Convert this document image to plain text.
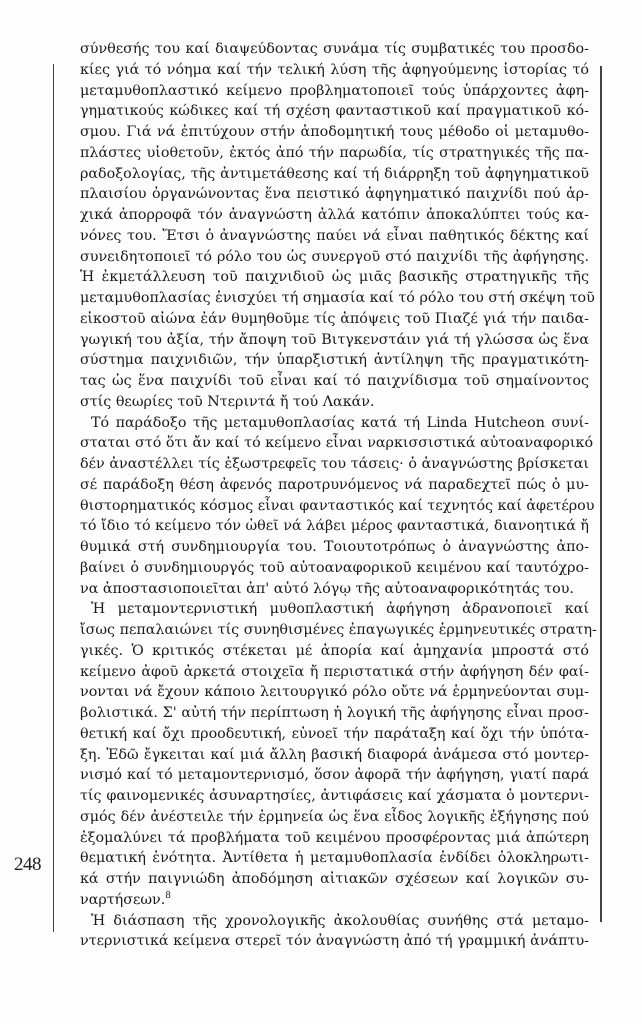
248
σύνθεσής του καί διαψεύδοντας συνάμα τίς συμβατικές του προσδο-
κίες γιά τό νόημα καί τήν τελική λύση τῆς ἀφηγούμενης ἱστορίας τό
μεταμυθοπλαστικό κείμενο προβληματοποιεῖ τούς ὑπάρχοντες ἀφη-
γηματικούς κώδικες καί τή σχέση φανταστικοῦ καί πραγματικοῦ κό-
σμου. Γιά νά ἐπιτύχουν στήν ἀποδομητική τους μέθοδο οἱ μεταμυθο-
πλάστες υἱοθετοῦν, ἐκτός ἀπό τήν παρωδία, τίς στρατηγικές τῆς πα-
ραδοξολογίας, τῆς ἀντιμετάθεσης καί τή διάρρηξη τοῦ ἀφηγηματικοῦ
πλαισίου ὀργανώνοντας ἕνα πειστικό ἀφηγηματικό παιχνίδι πού ἀρ-
χικά ἀπορροφᾶ τόν ἀναγνώστη ἀλλά κατόπιν ἀποκαλύπτει τούς κα-
νόνες του. Ἔτσι ὁ ἀναγνώστης παύει νά εἶναι παθητικός δέκτης καί
συνειδητοποιεῖ τό ρόλο του ὡς συνεργοῦ στό παιχνίδι τῆς ἀφήγησης.
Ἡ ἐκμετάλλευση τοῦ παιχνιδιοῦ ὡς μιᾶς βασικῆς στρατηγικῆς τῆς
μεταμυθοπλασίας ἐνισχύει τή σημασία καί τό ρόλο του στή σκέψη τοῦ
εἰκοστοῦ αἰώνα ἐάν θυμηθοῦμε τίς ἀπόψεις τοῦ Πιαζέ γιά τήν παιδα-
γωγική του ἀξία, τήν ἄποψη τοῦ Βιτγκενστάιν γιά τή γλώσσα ὡς ἕνα
σύστημα παιχνιδιῶν, τήν ὑπαρξιστική ἀντίληψη τῆς πραγματικότη-
τας ὡς ἕνα παιχνίδι τοῦ εἶναι καί τό παιχνίδισμα τοῦ σημαίνοντος
στίς θεωρίες τοῦ Ντεριντά ἤ τού Λακάν.
Τό παράδοξο τῆς μεταμυθοπλασίας κατά τή Linda Hutcheon συνί-
σταται στό ὅτι ἄν καί τό κείμενο εἶναι ναρκισσιστικά αὐτοαναφορικό
δέν ἀναστέλλει τίς ἐξωστρεφεῖς του τάσεις· ὁ ἀναγνώστης βρίσκεται
σέ παράδοξη θέση ἀφενός παροτρυνόμενος νά παραδεχτεῖ πώς ὁ μυ-
θιστορηματικός κόσμος εἶναι φανταστικός καί τεχνητός καί ἀφετέρου
τό ἴδιο τό κείμενο τόν ὠθεῖ νά λάβει μέρος φανταστικά, διανοητικά ἤ
θυμικά στή συνδημιουργία του. Τοιουτοτρόπως ὁ ἀναγνώστης ἀπο-
βαίνει ὁ συνδημιουργός τοῦ αὐτοαναφορικοῦ κειμένου καί ταυτόχρο-
να ἀποστασιοποιεῖται ἀπ' αὐτό λόγῳ τῆς αὐτοαναφορικότητάς του.
Ἡ μεταμοντερνιστική μυθοπλαστική ἀφήγηση ἀδρανοποιεῖ καί
ἴσως πεπαλαιώνει τίς συνηθισμένες ἐπαγωγικές ἑρμηνευτικές στρατη-
γικές. Ὁ κριτικός στέκεται μέ ἀπορία καί ἀμηχανία μπροστά στό
κείμενο ἀφοῦ ἀρκετά στοιχεῖα ἤ περιστατικά στήν ἀφήγηση δέν φαί-
νονται νά ἔχουν κάποιο λειτουργικό ρόλο οὔτε νά ἑρμηνεύονται συμ-
βολιστικά. Σ' αὐτή τήν περίπτωση ἡ λογική τῆς ἀφήγησης εἶναι προσ-
θετική καί ὄχι προοδευτική, εὐνοεῖ τήν παράταξη καί ὄχι τήν ὑπότα-
ξη. Ἐδῶ ἔγκειται καί μιά ἄλλη βασική διαφορά ἀνάμεσα στό μοντερ-
νισμό καί τό μεταμοντερνισμό, ὅσον ἀφορᾶ τήν ἀφήγηση, γιατί παρά
τίς φαινομενικές ἀσυναρτησίες, ἀντιφάσεις καί χάσματα ὁ μοντερνι-
σμός δέν ἀνέστειλε τήν ἑρμηνεία ὡς ἕνα εἶδος λογικῆς ἐξήγησης πού
ἐξομαλύνει τά προβλήματα τοῦ κειμένου προσφέροντας μιά ἀπώτερη
θεματική ἑνότητα. Ἀντίθετα ἡ μεταμυθοπλασία ἐνδίδει ὁλοκληρωτι-
κά στήν παιγνιώδη ἀποδόμηση αἰτιακῶν σχέσεων καί λογικῶν συ-
ναρτήσεων.$^8$
Ἡ διάσπαση τῆς χρονολογικῆς ἀκολουθίας συνήθης στά μεταμο-
ντερνιστικά κείμενα στερεῖ τόν ἀναγνώστη ἀπό τή γραμμική ἀνάπτυ-
